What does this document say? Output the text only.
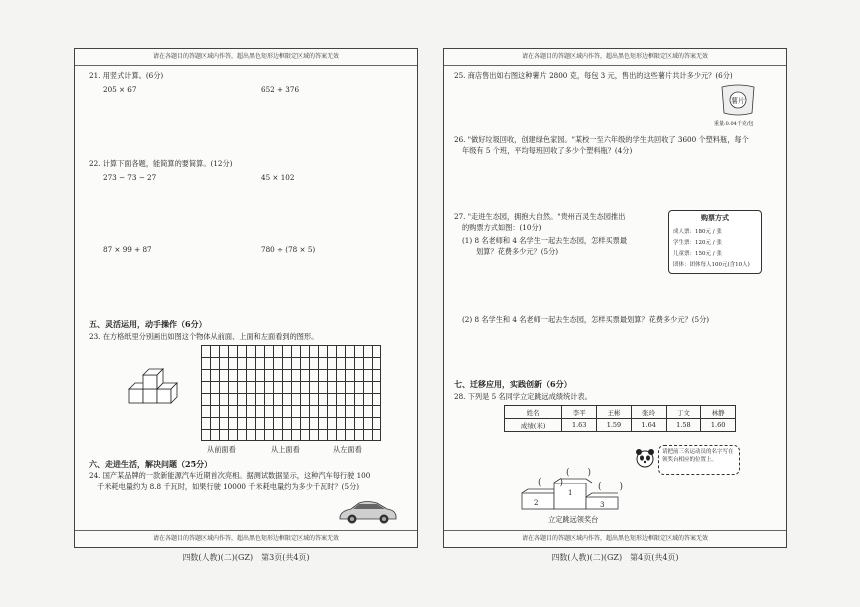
请在各题目的答题区域内作答，超出黑色矩形边框限定区域的答案无效
21. 用竖式计算。(6分)
205 × 67	652 + 376
22. 计算下面各题，能简算的要简算。(12分)
273 − 73 − 27	45 × 102
87 × 99 + 87	780 ÷ (78 × 5)
五、灵活运用，动手操作（6分）
23. 在方格纸里分别画出如图这个物体从前面、上面和左面看到的图形。
从前面看	从上面看	从左面看
六、走进生活，解决问题（25分）
24. 国产某品牌的一款新能源汽车近期首次亮相。据测试数据显示，这种汽车每行驶 100
千米耗电量约为 8.8 千瓦时，如果行驶 10000 千米耗电量约为多少千瓦时？(5分)
请在各题目的答题区域内作答，超出黑色矩形边框限定区域的答案无效
四数(人教)(二)(GZ)　第3页(共4页)
请在各题目的答题区域内作答，超出黑色矩形边框限定区域的答案无效
25. 商店售出如右图这种薯片 2800 克，每包 3 元，售出的这些薯片共计多少元？(6分)
薯片
重量:0.04千克/包
26. "做好垃圾回收，创建绿色家园。"某校一至六年级的学生共回收了 3600 个塑料瓶，每个
年级有 5 个班，平均每班回收了多少个塑料瓶？(4分)
27. "走进生态园，拥抱大自然。"贵州百灵生态园推出
的购票方式如图：(10分)
(1) 8 名老师和 4 名学生一起去生态园，怎样买票最
划算？花费多少元？(5分)
购票方式
成人票：180元 / 张
学生票：120元 / 张
儿童票：150元 / 张
团体：团体每人100元(含10人)
(2) 8 名学生和 4 名老师一起去生态园，怎样买票最划算？花费多少元？(5分)
七、迁移应用，实践创新（6分）
28. 下列是 5 名同学立定跳远成绩统计表。
姓名	李平	王彬	张玲	丁文	林静
成绩(米)	1.63	1.59	1.64	1.58	1.60
2
1
3
(　　)
(　　)
(　　)
立定跳远领奖台
请把前三名运动员的名字写在领奖台相应的位置上。
请在各题目的答题区域内作答，超出黑色矩形边框限定区域的答案无效
四数(人教)(二)(GZ)　第4页(共4页)
